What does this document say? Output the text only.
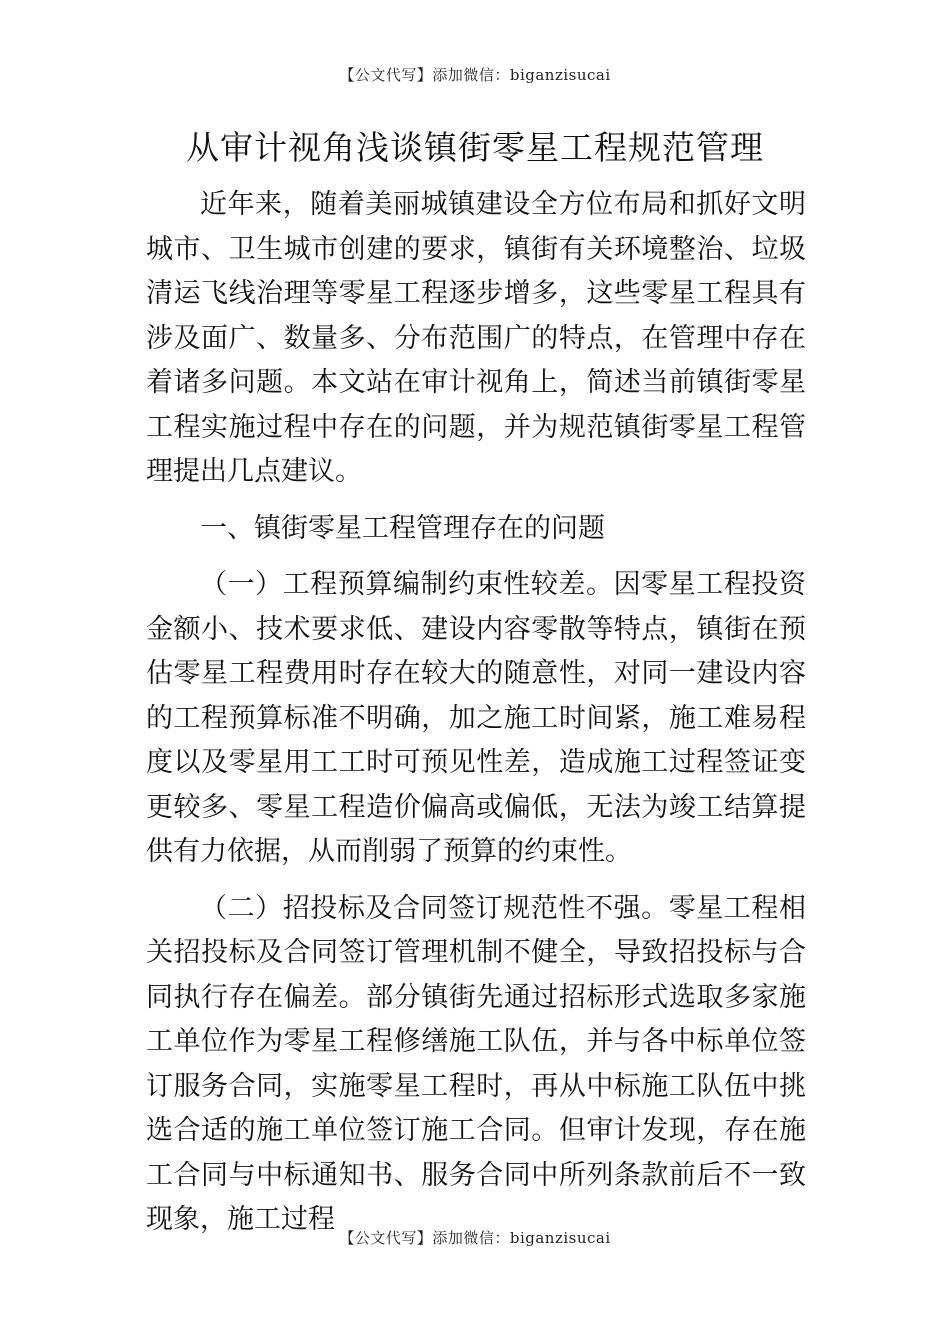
【公文代写】添加微信：biganzisucai
从审计视角浅谈镇街零星工程规范管理

近年来，随着美丽城镇建设全方位布局和抓好文明城市、卫生城市创建的要求，镇街有关环境整治、垃圾清运飞线治理等零星工程逐步增多，这些零星工程具有涉及面广、数量多、分布范围广的特点，在管理中存在着诸多问题。本文站在审计视角上，简述当前镇街零星工程实施过程中存在的问题，并为规范镇街零星工程管理提出几点建议。

一、镇街零星工程管理存在的问题

（一）工程预算编制约束性较差。因零星工程投资金额小、技术要求低、建设内容零散等特点，镇街在预估零星工程费用时存在较大的随意性，对同一建设内容的工程预算标准不明确，加之施工时间紧，施工难易程度以及零星用工工时可预见性差，造成施工过程签证变更较多、零星工程造价偏高或偏低，无法为竣工结算提供有力依据，从而削弱了预算的约束性。

（二）招投标及合同签订规范性不强。零星工程相关招投标及合同签订管理机制不健全，导致招投标与合同执行存在偏差。部分镇街先通过招标形式选取多家施工单位作为零星工程修缮施工队伍，并与各中标单位签订服务合同，实施零星工程时，再从中标施工队伍中挑选合适的施工单位签订施工合同。但审计发现，存在施工合同与中标通知书、服务合同中所列条款前后不一致现象，施工过程

【公文代写】添加微信：biganzisucai
